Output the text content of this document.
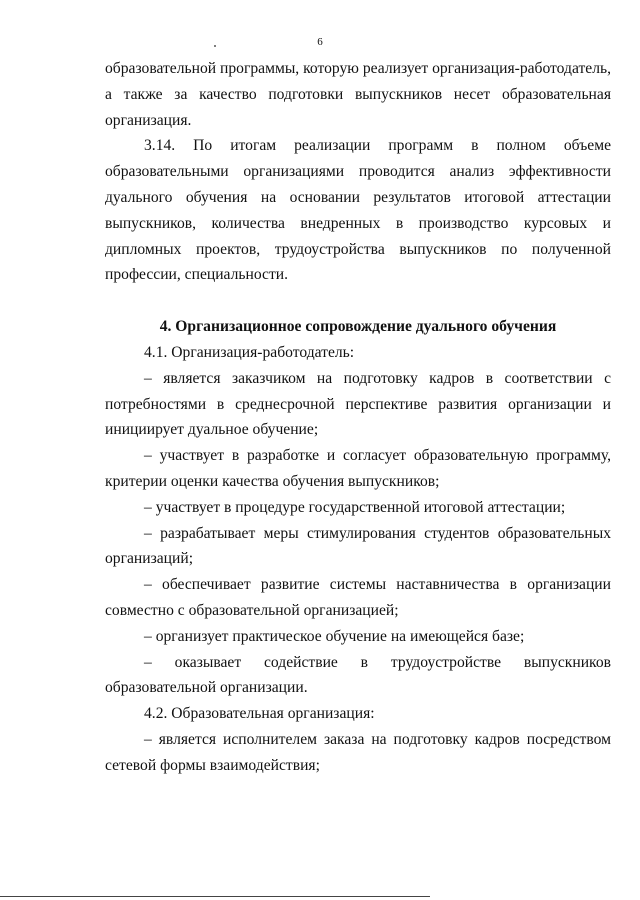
6

образовательной программы, которую реализует организация-работодатель, а также за качество подготовки выпускников несет образовательная организация.

3.14. По итогам реализации программ в полном объеме образовательными организациями проводится анализ эффективности дуального обучения на основании результатов итоговой аттестации выпускников, количества внедренных в производство курсовых и дипломных проектов, трудоустройства выпускников по полученной профессии, специальности.

4. Организационное сопровождение дуального обучения

4.1. Организация-работодатель:

– является заказчиком на подготовку кадров в соответствии с потребностями в среднесрочной перспективе развития организации и инициирует дуальное обучение;

– участвует в разработке и согласует образовательную программу, критерии оценки качества обучения выпускников;

– участвует в процедуре государственной итоговой аттестации;

– разрабатывает меры стимулирования студентов образовательных организаций;

– обеспечивает развитие системы наставничества в организации совместно с образовательной организацией;

– организует практическое обучение на имеющейся базе;

– оказывает содействие в трудоустройстве выпускников образовательной организации.

4.2. Образовательная организация:

– является исполнителем заказа на подготовку кадров посредством сетевой формы взаимодействия;
